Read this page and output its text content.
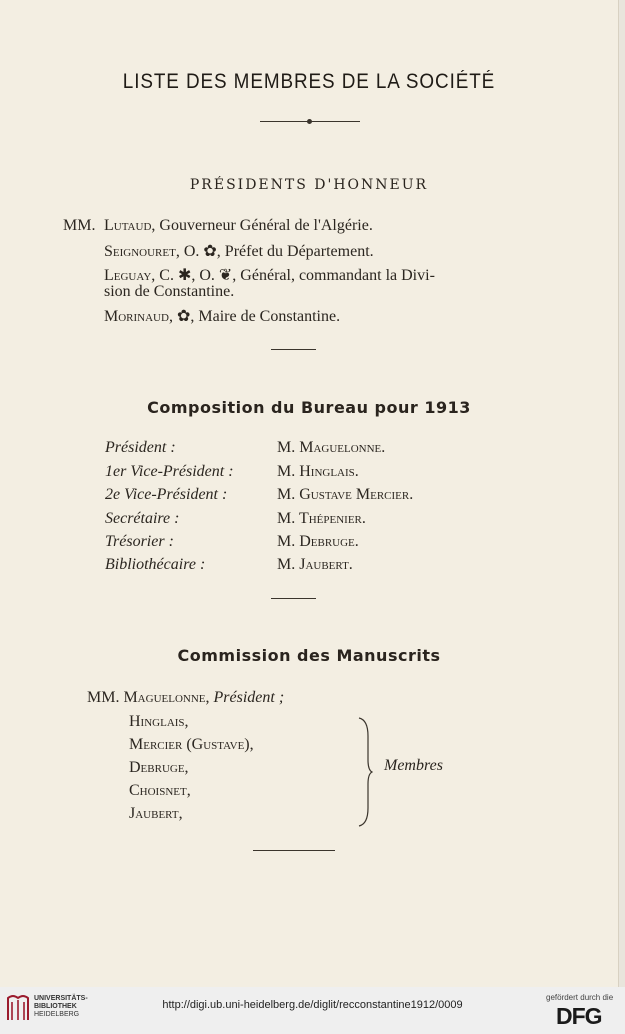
LISTE DES MEMBRES DE LA SOCIÉTÉ
PRÉSIDENTS D'HONNEUR
MM. Lutaud, Gouverneur Général de l'Algérie.
Seignouret, O. ✿, Préfet du Département.
Leguay, C. ✱, O. ❦, Général, commandant la Divi-
sion de Constantine.
Morinaud, ✿, Maire de Constantine.
Composition du Bureau pour 1913
Président :	M. Maguelonne.
1er Vice-Président :	M. Hinglais.
2e Vice-Président :	M. Gustave Mercier.
Secrétaire :	M. Thépenier.
Trésorier :	M. Debruge.
Bibliothécaire :	M. Jaubert.
Commission des Manuscrits
MM. Maguelonne, Président ;
Hinglais,
Mercier (Gustave),
Debruge,
Choisnet,
Jaubert,
Membres
UNIVERSITÄTS-
BIBLIOTHEK
HEIDELBERG
http://digi.ub.uni-heidelberg.de/diglit/recconstantine1912/0009
gefördert durch die
DFG
